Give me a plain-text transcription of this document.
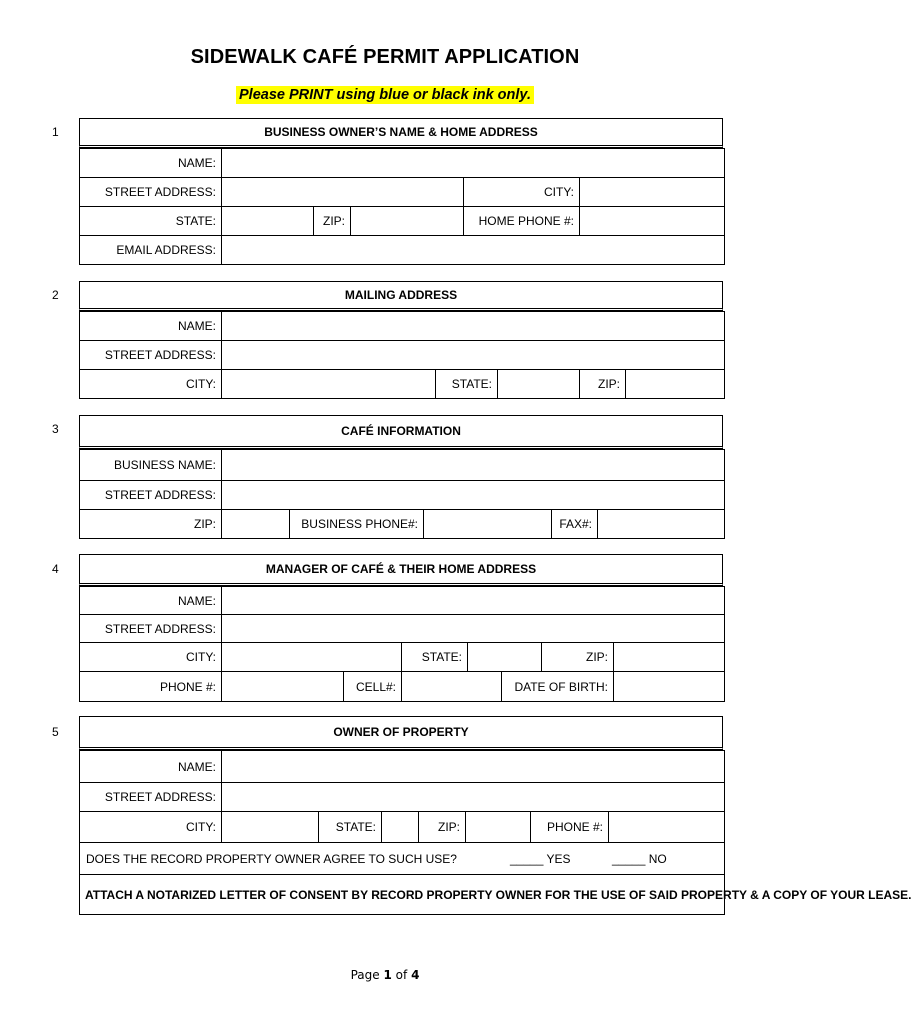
SIDEWALK CAFÉ PERMIT APPLICATION
Please PRINT using blue or black ink only.
1	BUSINESS OWNER’S NAME & HOME ADDRESS
NAME:					
STREET ADDRESS:				CITY:	
STATE:		ZIP:		HOME PHONE #:	
EMAIL ADDRESS:					
2	MAILING ADDRESS
NAME:					
STREET ADDRESS:					
CITY:		STATE:		ZIP:	
3	CAFÉ INFORMATION
BUSINESS NAME:					
STREET ADDRESS:					
ZIP:		BUSINESS PHONE#:		FAX#:	
4	MANAGER OF CAFÉ & THEIR HOME ADDRESS
NAME:							
STREET ADDRESS:							
CITY:			STATE:			ZIP:	
PHONE #:		CELL#:			DATE OF BIRTH:		
5	OWNER OF PROPERTY
NAME:							
STREET ADDRESS:							
CITY:		STATE:		ZIP:		PHONE #:	
DOES THE RECORD PROPERTY OWNER AGREE TO SUCH USE? _____ YES _____ NO							
ATTACH A NOTARIZED LETTER OF CONSENT BY RECORD PROPERTY OWNER FOR THE USE OF SAID PROPERTY & A COPY OF YOUR LEASE.							
Page 1 of 4
